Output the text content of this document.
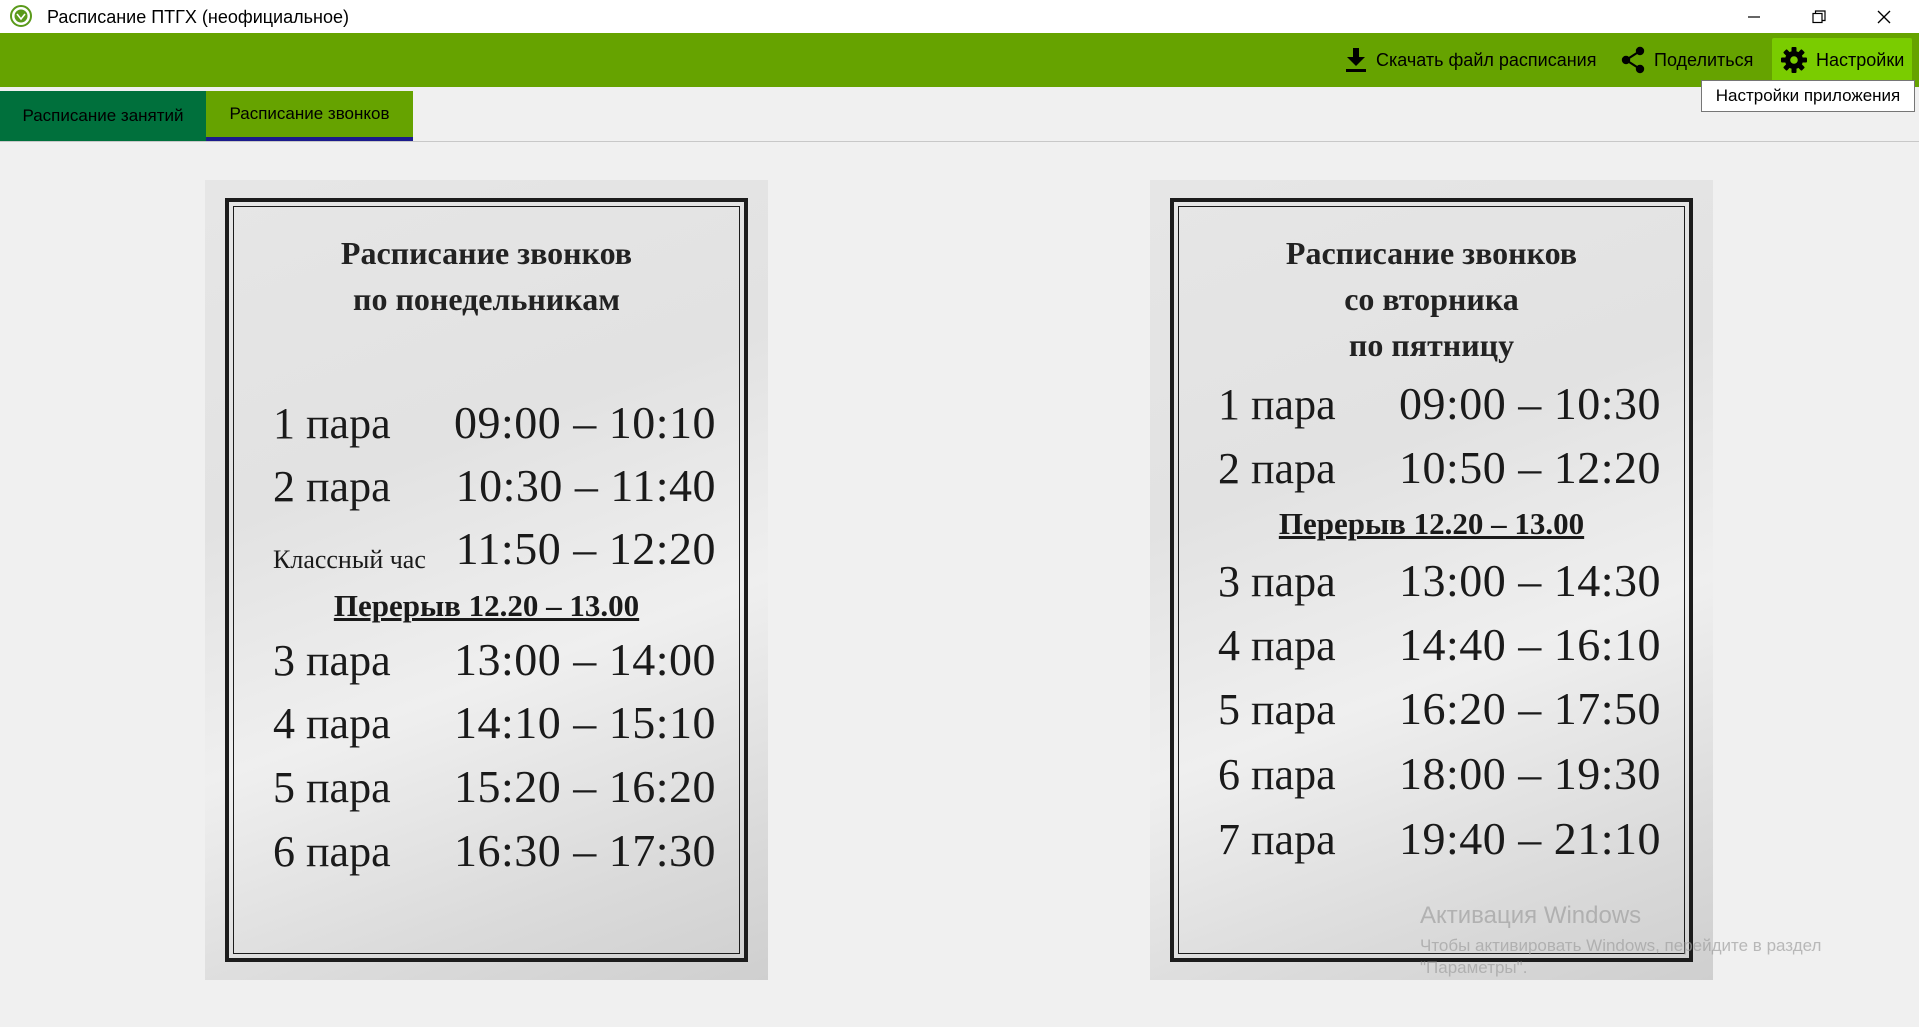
Расписание ПТГХ (неофициальное)
Скачать файл расписания	Поделиться	Настройки
Настройки приложения
Расписание занятий	Расписание звонков
Расписание звонков
по понедельникам
1 пара 09:00 – 10:10
2 пара 10:30 – 11:40
Классный час 11:50 – 12:20
Перерыв 12.20 – 13.00
3 пара 13:00 – 14:00
4 пара 14:10 – 15:10
5 пара 15:20 – 16:20
6 пара 16:30 – 17:30
Расписание звонков
со вторника
по пятницу
1 пара 09:00 – 10:30
2 пара 10:50 – 12:20
Перерыв 12.20 – 13.00
3 пара 13:00 – 14:30
4 пара 14:40 – 16:10
5 пара 16:20 – 17:50
6 пара 18:00 – 19:30
7 пара 19:40 – 21:10
Активация Windows
Чтобы активировать Windows, перейдите в раздел
"Параметры".
